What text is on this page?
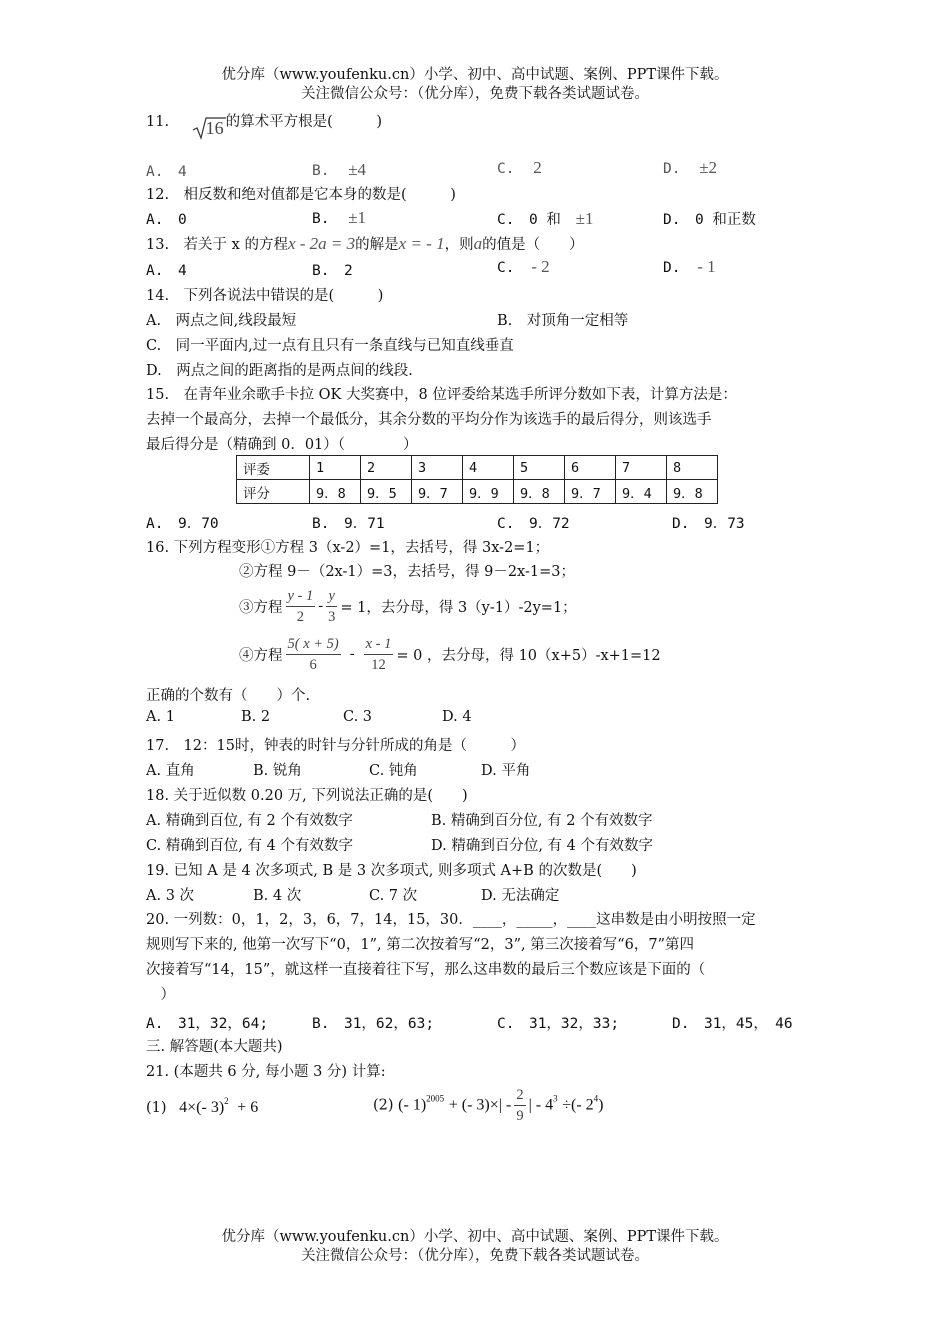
优分库（www.youfenku.cn）小学、初中、高中试题、案例、PPT课件下载。
关注微信公众号：（优分库），免费下载各类试题试卷。
11. 16 的算术平方根是(　　　)
A.　4	B. ±4	C. 2	D. ±2
12.　相反数和绝对值都是它本身的数是(　　　)
A.　0	B. ±1	C.　0 和 ±1	D.　0 和正数
13.　若关于 x 的方程x - 2a = 3的解是x = - 1，则a的值是（　　）
A.　4	B.　2	C. - 2	D. - 1
14.　下列各说法中错误的是(　　　)
A.　两点之间,线段最短	B.　对顶角一定相等
C.　同一平面内,过一点有且只有一条直线与已知直线垂直
D.　两点之间的距离指的是两点间的线段.
15.　在青年业余歌手卡拉 OK 大奖赛中，8 位评委给某选手所评分数如下表，计算方法是：
去掉一个最高分，去掉一个最低分，其余分数的平均分作为该选手的最后得分，则该选手
最后得分是（精确到 0．01）（　　　　）
评委	1	2	3	4	5	6	7	8
评分	9．8	9．5	9．7	9．9	9．8	9．7	9．4	9．8
A.　9．70	B.　9．71	C.　9．72	D.　9．73
16. 下列方程变形①方程 3（x-2）=1，去括号，得 3x-2=1；
②方程 9－（2x-1）=3，去括号，得 9－2x-1=3；
③方程 $\frac{y - 1}{2} - \frac{y}{3} = 1$，去分母，得 3（y-1）-2y=1；
④方程 $\frac{5( x + 5)}{6} - \frac{x - 1}{12} = 0$ ，去分母，得 10（x+5）-x+1=12
正确的个数有（　　）个.
A. 1	B. 2	C. 3	D. 4
17.　12：15时，钟表的时针与分针所成的角是（　　　）
A. 直角	B. 锐角	C. 钝角	D. 平角
18. 关于近似数 0.20 万, 下列说法正确的是(　　)
A. 精确到百位, 有 2 个有效数字	B. 精确到百分位, 有 2 个有效数字
C. 精确到百位, 有 4 个有效数字	D. 精确到百分位, 有 4 个有效数字
19. 已知 A 是 4 次多项式, B 是 3 次多项式, 则多项式 A+B 的次数是(　　)
A. 3 次	B. 4 次	C. 7 次	D. 无法确定
20. 一列数：0，1，2，3，6，7，14，15，30．____，_____，____这串数是由小明按照一定
规则写下来的, 他第一次写下“0，1”, 第二次按着写“2，3”, 第三次接着写“6，7”第四
次接着写“14，15”，就这样一直接着往下写，那么这串数的最后三个数应该是下面的（
　）
A.　31，32，64;	B.　31，62，63;	C.　31，32，33;	D.　31，45，　46
三. 解答题(本大题共)
21. (本题共 6 分, 每小题 3 分) 计算:
(1) 4×(- 3)$^2$ + 6	(2) (- 1)$^{2005}$ + (- $3)\times| - \frac{2}{9}$ | - $4^3$ ÷(- $2^4$)
优分库（www.youfenku.cn）小学、初中、高中试题、案例、PPT课件下载。
关注微信公众号：（优分库），免费下载各类试题试卷。
